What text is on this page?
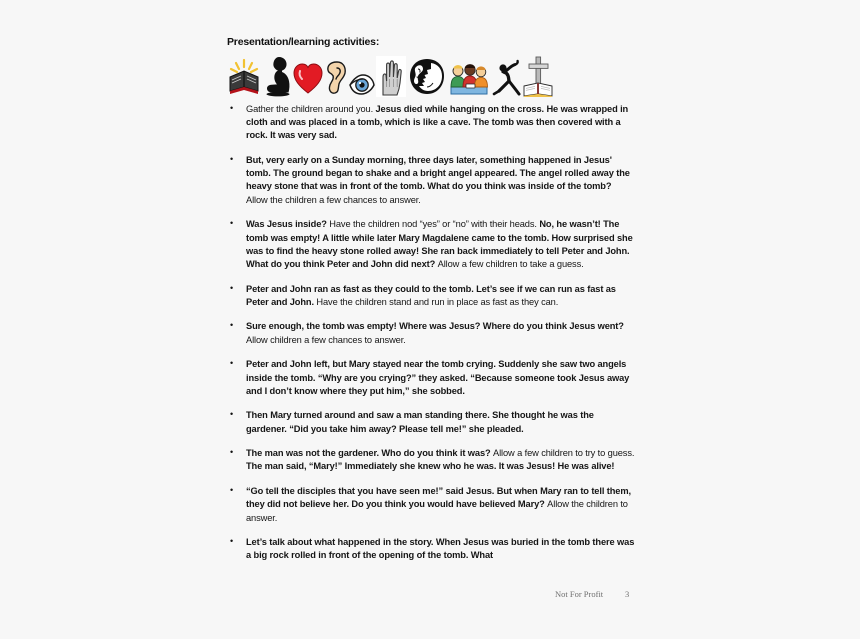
Presentation/learning activities:
• Gather the children around you. Jesus died while hanging on the cross. He was wrapped in cloth and was placed in a tomb, which is like a cave. The tomb was then covered with a rock. It was very sad.
• But, very early on a Sunday morning, three days later, something happened in Jesus' tomb. The ground began to shake and a bright angel appeared. The angel rolled away the heavy stone that was in front of the tomb. What do you think was inside of the tomb? Allow the children a few chances to answer.
• Was Jesus inside? Have the children nod “yes” or “no” with their heads. No, he wasn’t! The tomb was empty! A little while later Mary Magdalene came to the tomb. How surprised she was to find the heavy stone rolled away! She ran back immediately to tell Peter and John. What do you think Peter and John did next? Allow a few children to take a guess.
• Peter and John ran as fast as they could to the tomb. Let’s see if we can run as fast as Peter and John. Have the children stand and run in place as fast as they can.
• Sure enough, the tomb was empty! Where was Jesus? Where do you think Jesus went? Allow children a few chances to answer.
• Peter and John left, but Mary stayed near the tomb crying. Suddenly she saw two angels inside the tomb. “Why are you crying?” they asked. “Because someone took Jesus away and I don’t know where they put him,” she sobbed.
• Then Mary turned around and saw a man standing there. She thought he was the gardener. “Did you take him away? Please tell me!” she pleaded.
• The man was not the gardener. Who do you think it was? Allow a few children to try to guess. The man said, “Mary!” Immediately she knew who he was. It was Jesus! He was alive!
• “Go tell the disciples that you have seen me!” said Jesus. But when Mary ran to tell them, they did not believe her. Do you think you would have believed Mary? Allow the children to answer.
• Let’s talk about what happened in the story. When Jesus was buried in the tomb there was a big rock rolled in front of the opening of the tomb. What
Not For Profit	3
